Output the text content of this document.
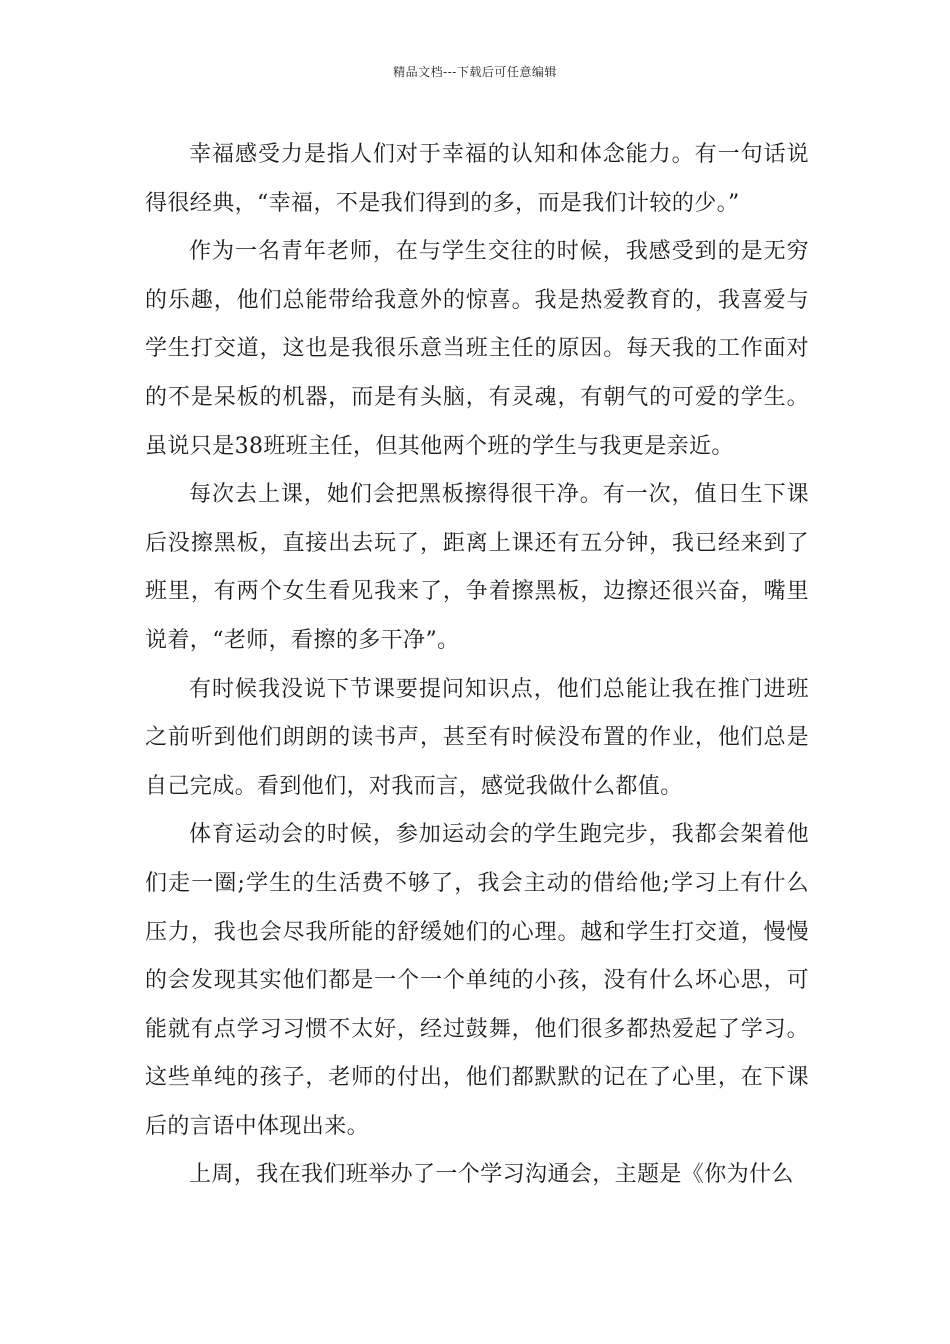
精品文档---下载后可任意编辑

幸福感受力是指人们对于幸福的认知和体念能力。有一句话说得很经典，“幸福，不是我们得到的多，而是我们计较的少。”

作为一名青年老师，在与学生交往的时候，我感受到的是无穷的乐趣，他们总能带给我意外的惊喜。我是热爱教育的，我喜爱与学生打交道，这也是我很乐意当班主任的原因。每天我的工作面对的不是呆板的机器，而是有头脑，有灵魂，有朝气的可爱的学生。虽说只是38班班主任，但其他两个班的学生与我更是亲近。

每次去上课，她们会把黑板擦得很干净。有一次，值日生下课后没擦黑板，直接出去玩了，距离上课还有五分钟，我已经来到了班里，有两个女生看见我来了，争着擦黑板，边擦还很兴奋，嘴里说着，“老师，看擦的多干净”。

有时候我没说下节课要提问知识点，他们总能让我在推门进班之前听到他们朗朗的读书声，甚至有时候没布置的作业，他们总是自己完成。看到他们，对我而言，感觉我做什么都值。

体育运动会的时候，参加运动会的学生跑完步，我都会架着他们走一圈;学生的生活费不够了，我会主动的借给他;学习上有什么压力，我也会尽我所能的舒缓她们的心理。越和学生打交道，慢慢的会发现其实他们都是一个一个单纯的小孩，没有什么坏心思，可能就有点学习习惯不太好，经过鼓舞，他们很多都热爱起了学习。这些单纯的孩子，老师的付出，他们都默默的记在了心里，在下课后的言语中体现出来。

上周，我在我们班举办了一个学习沟通会，主题是《你为什么
